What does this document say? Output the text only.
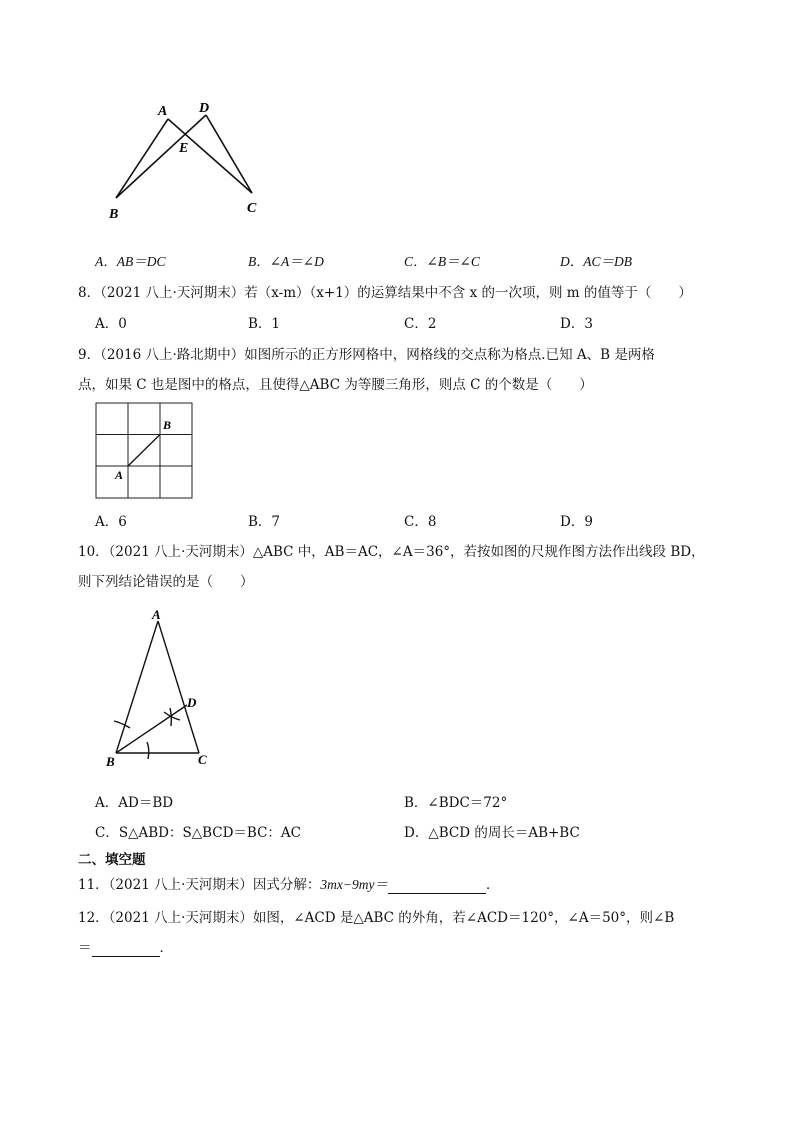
A D
E
B	C
A．AB＝DC	B．∠A＝∠D	C．∠B＝∠C	D．AC＝DB
8．（2021 八上·天河期末）若（x-m）（x+1）的运算结果中不含 x 的一次项，则 m 的值等于（　　）
A．0	B．1	C．2	D．3
9．（2016 八上·路北期中）如图所示的正方形网格中，网格线的交点称为格点.已知 A、B 是两格
点，如果 C 也是图中的格点，且使得△ABC 为等腰三角形，则点 C 的个数是（　　）
B
A
A．6	B．7	C．8	D．9
10．（2021 八上·天河期末）△ABC 中，AB＝AC，∠A＝36°，若按如图的尺规作图方法作出线段 BD，
则下列结论错误的是（　　）
A
D
B	C
A．AD＝BD	B．∠BDC＝72°
C．S△ABD：S△BCD＝BC：AC	D．△BCD 的周长＝AB+BC
二、填空题
11．（2021 八上·天河期末）因式分解：3mx−9my＝	．
12．（2021 八上·天河期末）如图，∠ACD 是△ABC 的外角，若∠ACD＝120°，∠A＝50°，则∠B
＝	．
